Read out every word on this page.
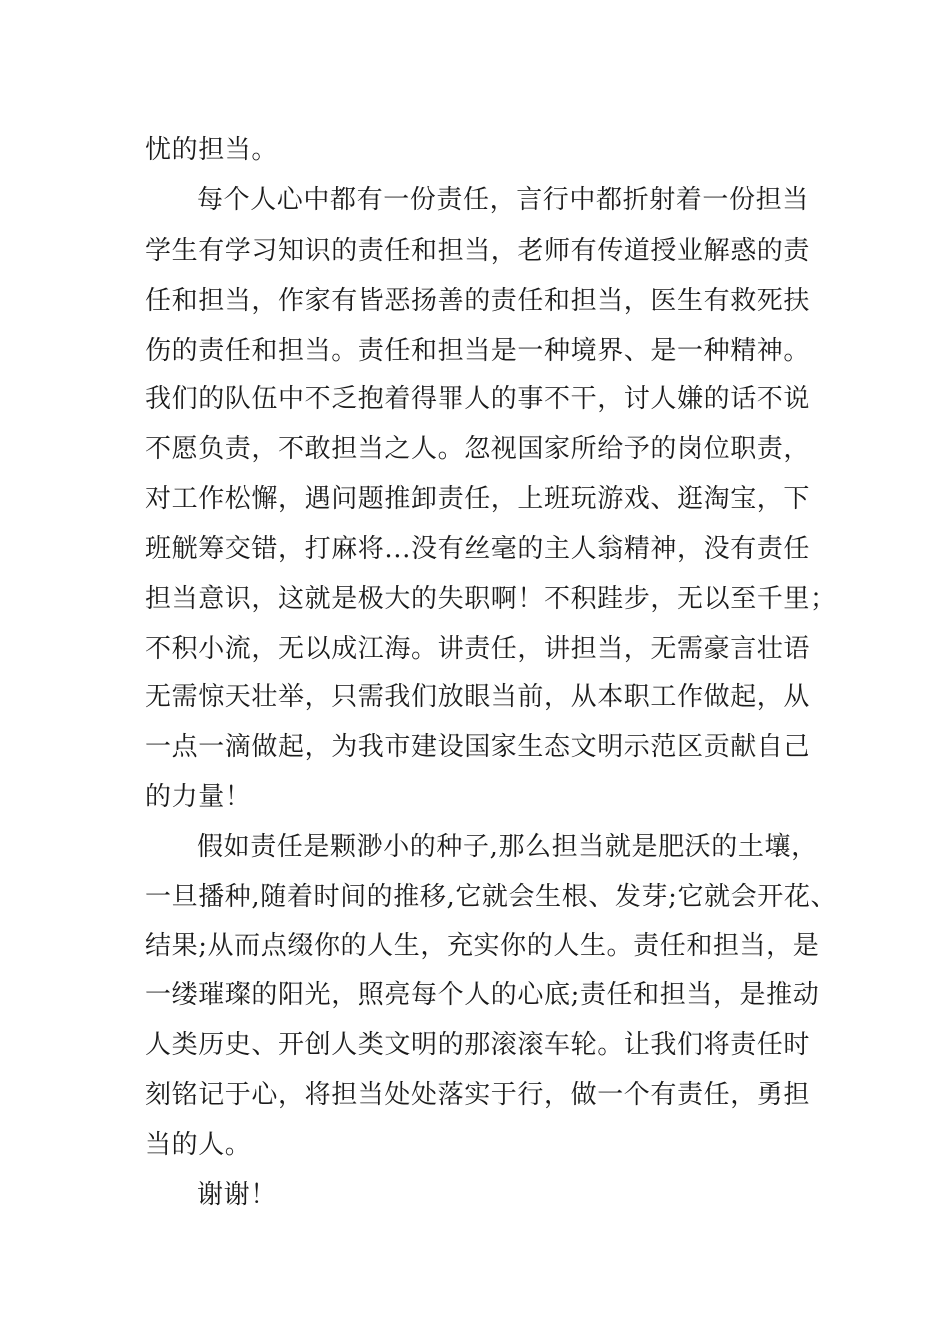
忧的担当。

每个人心中都有一份责任，言行中都折射着一份担当

学生有学习知识的责任和担当，老师有传道授业解惑的责

任和担当，作家有皆恶扬善的责任和担当，医生有救死扶

伤的责任和担当。责任和担当是一种境界、是一种精神。

我们的队伍中不乏抱着得罪人的事不干，讨人嫌的话不说

不愿负责，不敢担当之人。忽视国家所给予的岗位职责，

对工作松懈，遇问题推卸责任，上班玩游戏、逛淘宝，下

班觥筹交错，打麻将...没有丝毫的主人翁精神，没有责任

担当意识，这就是极大的失职啊！不积跬步，无以至千里；

不积小流，无以成江海。讲责任，讲担当，无需豪言壮语

无需惊天壮举，只需我们放眼当前，从本职工作做起，从

一点一滴做起，为我市建设国家生态文明示范区贡献自己

的力量！

假如责任是颗渺小的种子,那么担当就是肥沃的土壤，

一旦播种,随着时间的推移,它就会生根、发芽;它就会开花、

结果;从而点缀你的人生，充实你的人生。责任和担当，是

一缕璀璨的阳光，照亮每个人的心底;责任和担当，是推动

人类历史、开创人类文明的那滚滚车轮。让我们将责任时

刻铭记于心，将担当处处落实于行，做一个有责任，勇担

当的人。

谢谢！
